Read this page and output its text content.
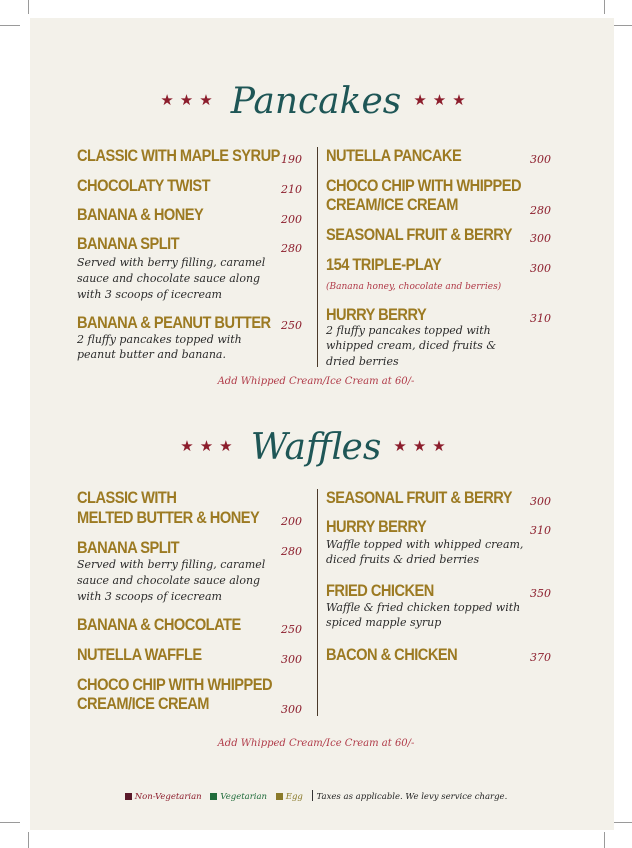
★★★ Pancakes ★★★
CLASSIC WITH MAPLE SYRUP 190
CHOCOLATY TWIST	210
BANANA & HONEY	200
BANANA SPLIT	280
Served with berry filling, caramel
sauce and chocolate sauce along
with 3 scoops of icecream
BANANA & PEANUT BUTTER 250
2 fluffy pancakes topped with
peanut butter and banana.
NUTELLA PANCAKE	300
CHOCO CHIP WITH WHIPPED
CREAM/ICE CREAM	280
SEASONAL FRUIT & BERRY 300
154 TRIPLE-PLAY	300
(Banana honey, chocolate and berries)
HURRY BERRY	310
2 fluffy pancakes topped with
whipped cream, diced fruits &
dried berries
Add Whipped Cream/Ice Cream at 60/-
★★★ Waffles ★★★
CLASSIC WITH
MELTED BUTTER & HONEY 200
BANANA SPLIT	280
Served with berry filling, caramel
sauce and chocolate sauce along
with 3 scoops of icecream
BANANA & CHOCOLATE	250
NUTELLA WAFFLE	300
CHOCO CHIP WITH WHIPPED
CREAM/ICE CREAM	300
SEASONAL FRUIT & BERRY 300
HURRY BERRY	310
Waffle topped with whipped cream,
diced fruits & dried berries
FRIED CHICKEN	350
Waffle & fried chicken topped with
spiced mapple syrup
BACON & CHICKEN	370
Add Whipped Cream/Ice Cream at 60/-
Non-Vegetarian Vegetarian Egg Taxes as applicable. We levy service charge.
